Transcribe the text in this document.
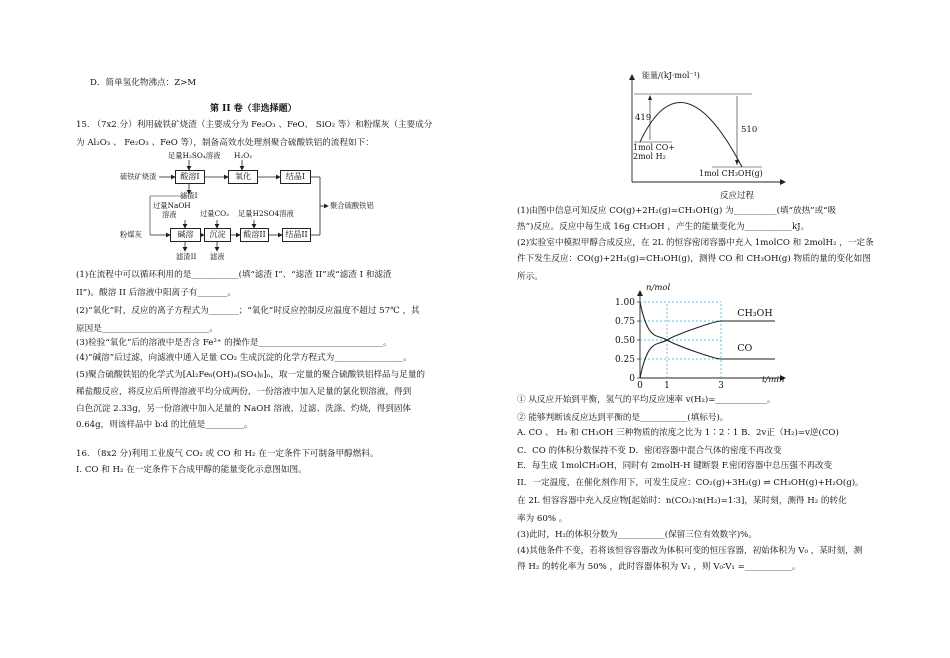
D．简单氢化物沸点：Z>M
第 II 卷（非选择题）
15. （7x2 分）利用硫铁矿烧渣（主要成分为 Fe₂O₃ 、FeO、 SiO₂ 等）和粉煤灰（主要成分
为 Al₂O₃ 、 Fe₂O₃ 、FeO 等），制备高效水处理剂聚合硫酸铁铝的流程如下：
硫铁矿烧渣	酸溶I	氧化	结晶I
足量H₂SO₄溶液 H₂O₂
滤渣I
聚合硫酸铁铝
粉煤灰
过量NaOH
溶液	过量CO₂ 足量H2SO4溶液
碱溶	沉淀	酸溶II	结晶II
滤渣II 滤液
(1)在流程中可以循环利用的是___________(填“滤渣 I”、“滤渣 II”或“滤渣 I 和滤渣
II”)。酸溶 II 后溶液中阳离子有_______。
(2)“氧化”时，反应的离子方程式为_______；“氧化”时反应控制反应温度不超过 57℃ ，其
原因是_________________________。
(3)检验“氧化”后的溶液中是否含 Fe²⁺ 的操作是_____________________________。
(4)“碱溶”后过滤，向滤液中通入足量 CO₂ 生成沉淀的化学方程式为________________。
(5)聚合硫酸铁铝的化学式为[Al₂Fe₈(OH)ₐ(SO₄)ᵦ]ₙ，取一定量的聚合硫酸铁铝样品与足量的
稀盐酸反应，将反应后所得溶液平均分成两份，一份溶液中加入足量的氯化钡溶液，得到
白色沉淀 2.33g，另一份溶液中加入足量的 NaOH 溶液，过滤、洗涤、灼烧，得到固体
0.64g，则该样品中 b∶d 的比值是_________。
16. （8x2 分)利用工业废气 CO₂ 或 CO 和 H₂ 在一定条件下可制备甲醇燃料。
I. CO 和 H₂ 在一定条件下合成甲醇的能量变化示意图如图。
能量/(kJ·mol⁻¹)
419
510
1mol CO+
2mol H₂
1mol CH₃OH(g)
反应过程
(1)由图中信息可知反应 CO(g)+2H₂(g)=CH₃OH(g) 为__________(填“放热”或“吸
热”)反应。反应中每生成 16g CH₃OH ，产生的能量变化为___________kJ。
(2)实验室中模拟甲醇合成反应，在 2L 的恒容密闭容器中充入 1molCO 和 2molH₂ ，一定条
件下发生反应：CO(g)+2H₂(g)=CH₃OH(g)，测得 CO 和 CH₃OH(g) 物质的量的变化如图
所示。
0
0.25
0.50
0.75
1.00
0 1	3
CH₃OH
CO
n/mol
t/min
① 从反应开始到平衡，氢气的平均反应速率 v(H₂)=____________。
② 能够判断该反应达到平衡的是___________(填标号)。
A. CO 、 H₂ 和 CH₃OH 三种物质的浓度之比为 1∶2∶1 B．2v正（H₂)=v逆(CO)
C．CO 的体积分数保持不变 D．密闭容器中混合气体的密度不再改变
E．每生成 1molCH₃OH，同时有 2molH-H 键断裂 F.密闭容器中总压强不再改变
II．一定温度，在催化剂作用下，可发生反应：CO₂(g)+3H₂(g) ⇌ CH₃OH(g)+H₂O(g)。
在 2L 恒容容器中充入反应物[起始时：n(CO₂)∶n(H₂)=1∶3]，某时刻，测得 H₂ 的转化
率为 60% 。
(3)此时，H₂的体积分数为___________(保留三位有效数字)%。
(4)其他条件不变，若将该恒容容器改为体积可变的恒压容器，初始体积为 V₀ ，某时刻，测
得 H₂ 的转化率为 50% ，此时容器体积为 V₁ ，则 V₀∶V₁ =___________。
